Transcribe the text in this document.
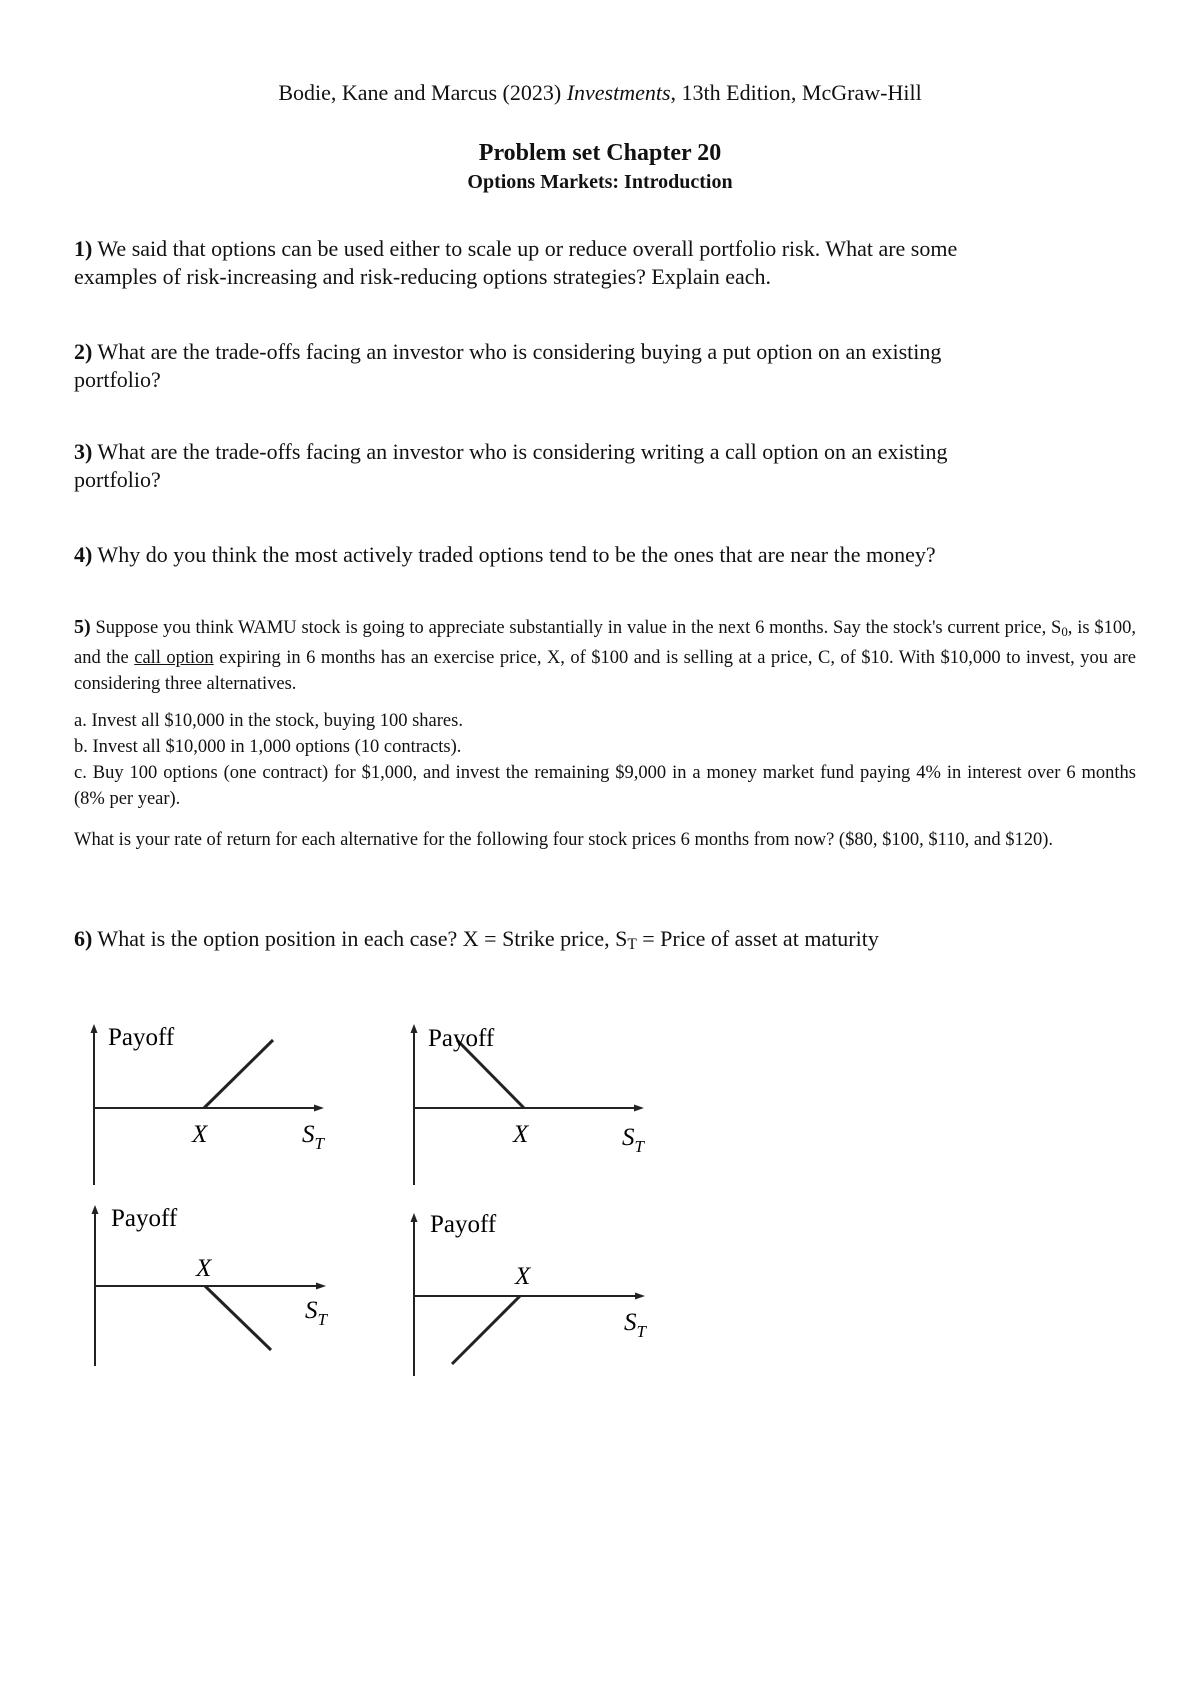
Bodie, Kane and Marcus (2023) Investments, 13th Edition, McGraw-Hill
Problem set Chapter 20
Options Markets: Introduction
1) We said that options can be used either to scale up or reduce overall portfolio risk. What are some
examples of risk-increasing and risk-reducing options strategies? Explain each.
2) What are the trade-offs facing an investor who is considering buying a put option on an existing
portfolio?
3) What are the trade-offs facing an investor who is considering writing a call option on an existing
portfolio?
4) Why do you think the most actively traded options tend to be the ones that are near the money?
5) Suppose you think WAMU stock is going to appreciate substantially in value in the next 6 months. Say the stock's current price, $S_0$, is $100, and the call option expiring in 6 months has an exercise price, X, of $100 and is selling at a price, C, of $10. With $10,000 to invest, you are considering three alternatives.
a. Invest all $10,000 in the stock, buying 100 shares.
b. Invest all $10,000 in 1,000 options (10 contracts).
c. Buy 100 options (one contract) for $1,000, and invest the remaining $9,000 in a money market fund paying 4% in interest over 6 months (8% per year).
What is your rate of return for each alternative for the following four stock prices 6 months from now? ($80, $100, $110, and $120).
6) What is the option position in each case? X = Strike price, ST = Price of asset at maturity
Payoff
X	$S_T$
Payoff
X	$S_T$
Payoff
X
$S_T$
Payoff
X
$S_T$
